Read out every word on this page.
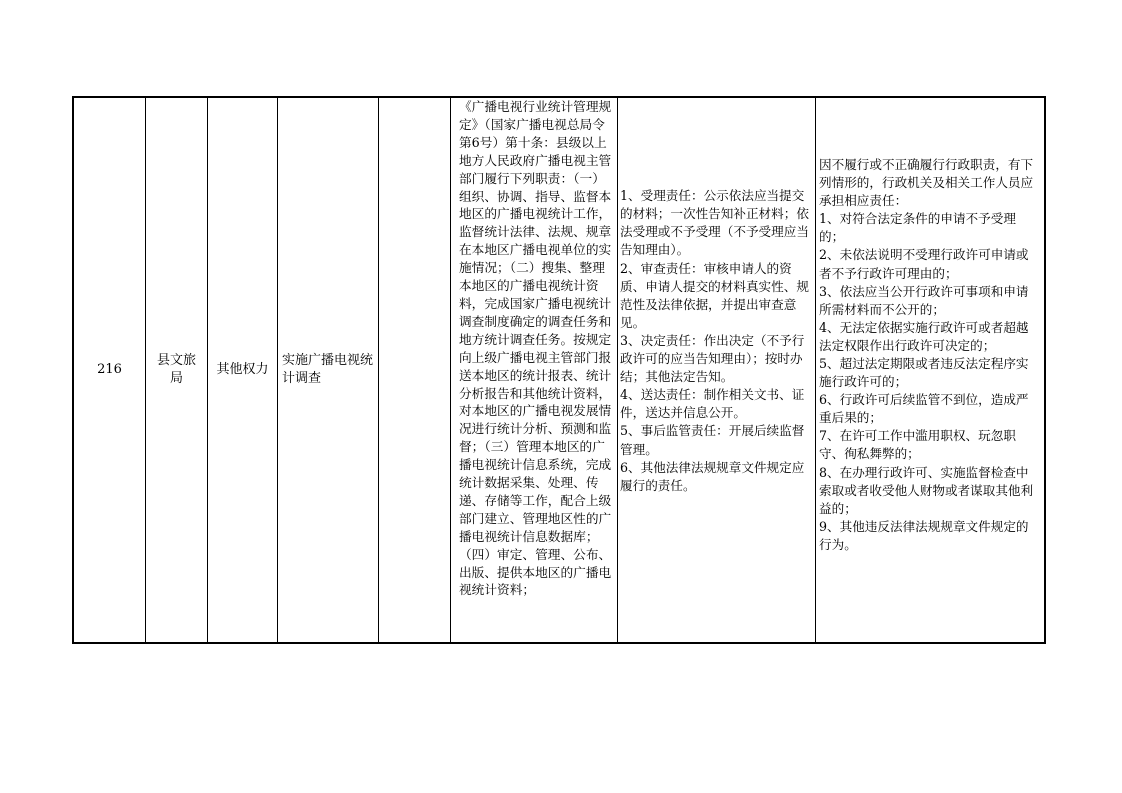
216
县文旅局
其他权力
实施广播电视统计调查
《广播电视行业统计管理规定》（国家广播电视总局令第6号）第十条：县级以上地方人民政府广播电视主管部门履行下列职责：（一）组织、协调、指导、监督本地区的广播电视统计工作，监督统计法律、法规、规章在本地区广播电视单位的实施情况；（二）搜集、整理本地区的广播电视统计资料，完成国家广播电视统计调查制度确定的调查任务和地方统计调查任务。按规定向上级广播电视主管部门报送本地区的统计报表、统计分析报告和其他统计资料，对本地区的广播电视发展情况进行统计分析、预测和监督；（三）管理本地区的广播电视统计信息系统，完成统计数据采集、处理、传递、存储等工作，配合上级部门建立、管理地区性的广播电视统计信息数据库；（四）审定、管理、公布、出版、提供本地区的广播电视统计资料；
1、受理责任：公示依法应当提交的材料；一次性告知补正材料；依法受理或不予受理（不予受理应当告知理由）。
2、审查责任：审核申请人的资质、申请人提交的材料真实性、规范性及法律依据，并提出审查意见。
3、决定责任：作出决定（不予行政许可的应当告知理由）；按时办结；其他法定告知。
4、送达责任：制作相关文书、证件，送达并信息公开。
5、事后监管责任：开展后续监督管理。
6、其他法律法规规章文件规定应履行的责任。
因不履行或不正确履行行政职责，有下列情形的，行政机关及相关工作人员应承担相应责任：
1、对符合法定条件的申请不予受理的；
2、未依法说明不受理行政许可申请或者不予行政许可理由的；
3、依法应当公开行政许可事项和申请所需材料而不公开的；
4、无法定依据实施行政许可或者超越法定权限作出行政许可决定的；
5、超过法定期限或者违反法定程序实施行政许可的；
6、行政许可后续监管不到位，造成严重后果的；
7、在许可工作中滥用职权、玩忽职守、徇私舞弊的；
8、在办理行政许可、实施监督检查中索取或者收受他人财物或者谋取其他利益的；
9、其他违反法律法规规章文件规定的行为。
